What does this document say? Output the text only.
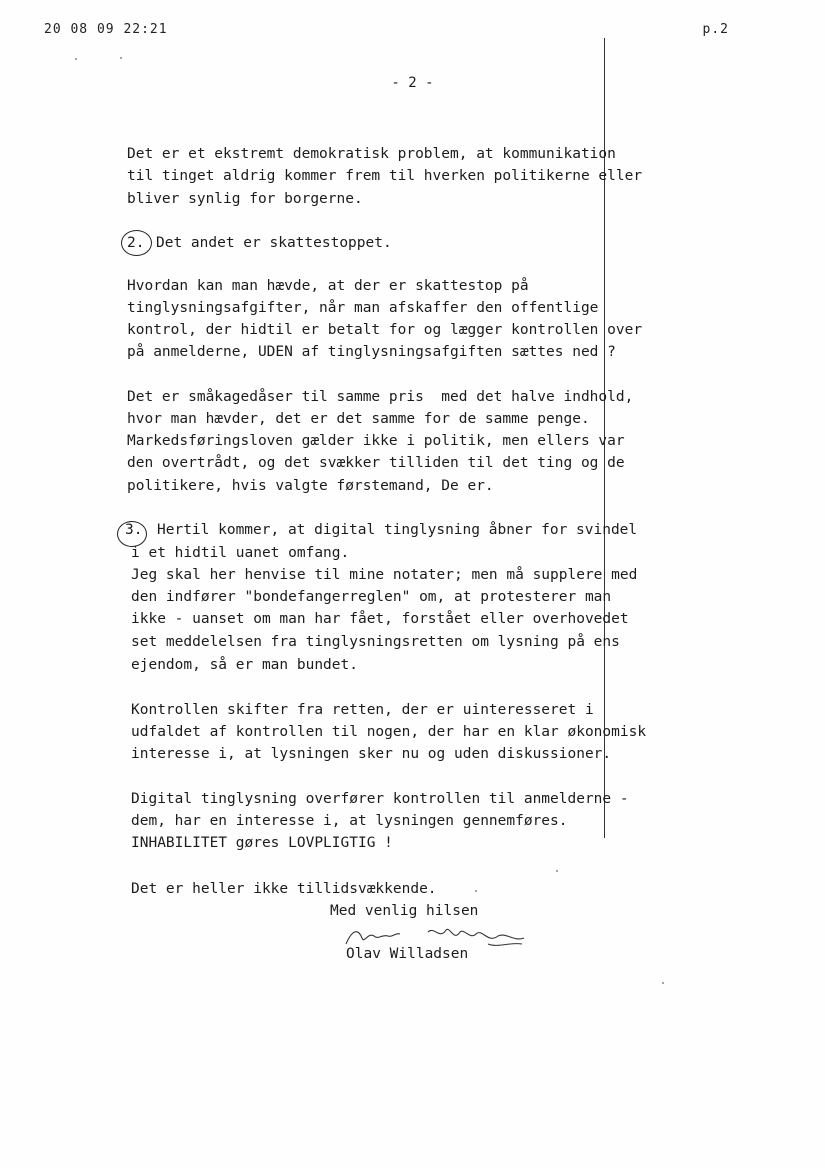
20 08 09 22:21	p.2
- 2 -
Det er et ekstremt demokratisk problem, at kommunikation
til tinget aldrig kommer frem til hverken politikerne eller
bliver synlig for borgerne.
2. Det andet er skattestoppet.
Hvordan kan man hævde, at der er skattestop på
tinglysningsafgifter, når man afskaffer den offentlige
kontrol, der hidtil er betalt for og lægger kontrollen over
på anmelderne, UDEN af tinglysningsafgiften sættes ned ?
Det er småkagedåser til samme pris  med det halve indhold,
hvor man hævder, det er det samme for de samme penge.
Markedsføringsloven gælder ikke i politik, men ellers var
den overtrådt, og det svækker tilliden til det ting og de
politikere, hvis valgte førstemand, De er.
3. Hertil kommer, at digital tinglysning åbner for svindel
i et hidtil uanet omfang.
Jeg skal her henvise til mine notater; men må supplere med
den indfører "bondefangerreglen" om, at protesterer man
ikke - uanset om man har fået, forstået eller overhovedet
set meddelelsen fra tinglysningsretten om lysning på ens
ejendom, så er man bundet.
Kontrollen skifter fra retten, der er uinteresseret i
udfaldet af kontrollen til nogen, der har en klar økonomisk
interesse i, at lysningen sker nu og uden diskussioner.
Digital tinglysning overfører kontrollen til anmelderne -
dem, har en interesse i, at lysningen gennemføres.
INHABILITET gøres LOVPLIGTIG !
Det er heller ikke tillidsvækkende.
Med venlig hilsen
Olav Willadsen
